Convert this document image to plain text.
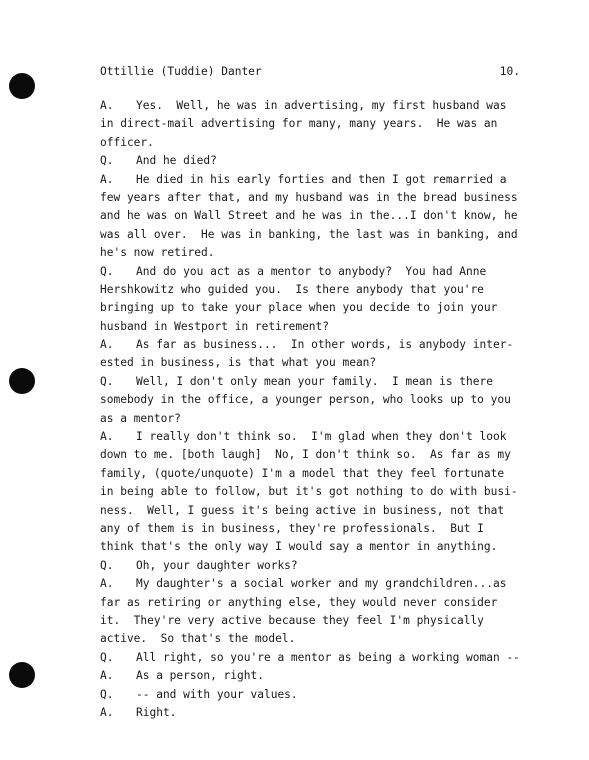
Ottillie (Tuddie) Danter	10.
A. Yes.  Well, he was in advertising, my first husband was
in direct-mail advertising for many, many years.  He was an
officer.
Q. And he died?
A. He died in his early forties and then I got remarried a
few years after that, and my husband was in the bread business
and he was on Wall Street and he was in the...I don't know, he
was all over.  He was in banking, the last was in banking, and
he's now retired.
Q. And do you act as a mentor to anybody?  You had Anne
Hershkowitz who guided you.  Is there anybody that you're
bringing up to take your place when you decide to join your
husband in Westport in retirement?
A. As far as business...  In other words, is anybody inter-
ested in business, is that what you mean?
Q. Well, I don't only mean your family.  I mean is there
somebody in the office, a younger person, who looks up to you
as a mentor?
A. I really don't think so.  I'm glad when they don't look
down to me. [both laugh]  No, I don't think so.  As far as my
family, (quote/unquote) I'm a model that they feel fortunate
in being able to follow, but it's got nothing to do with busi-
ness.  Well, I guess it's being active in business, not that
any of them is in business, they're professionals.  But I
think that's the only way I would say a mentor in anything.
Q. Oh, your daughter works?
A. My daughter's a social worker and my grandchildren...as
far as retiring or anything else, they would never consider
it.  They're very active because they feel I'm physically
active.  So that's the model.
Q. All right, so you're a mentor as being a working woman --
A. As a person, right.
Q. -- and with your values.
A. Right.
